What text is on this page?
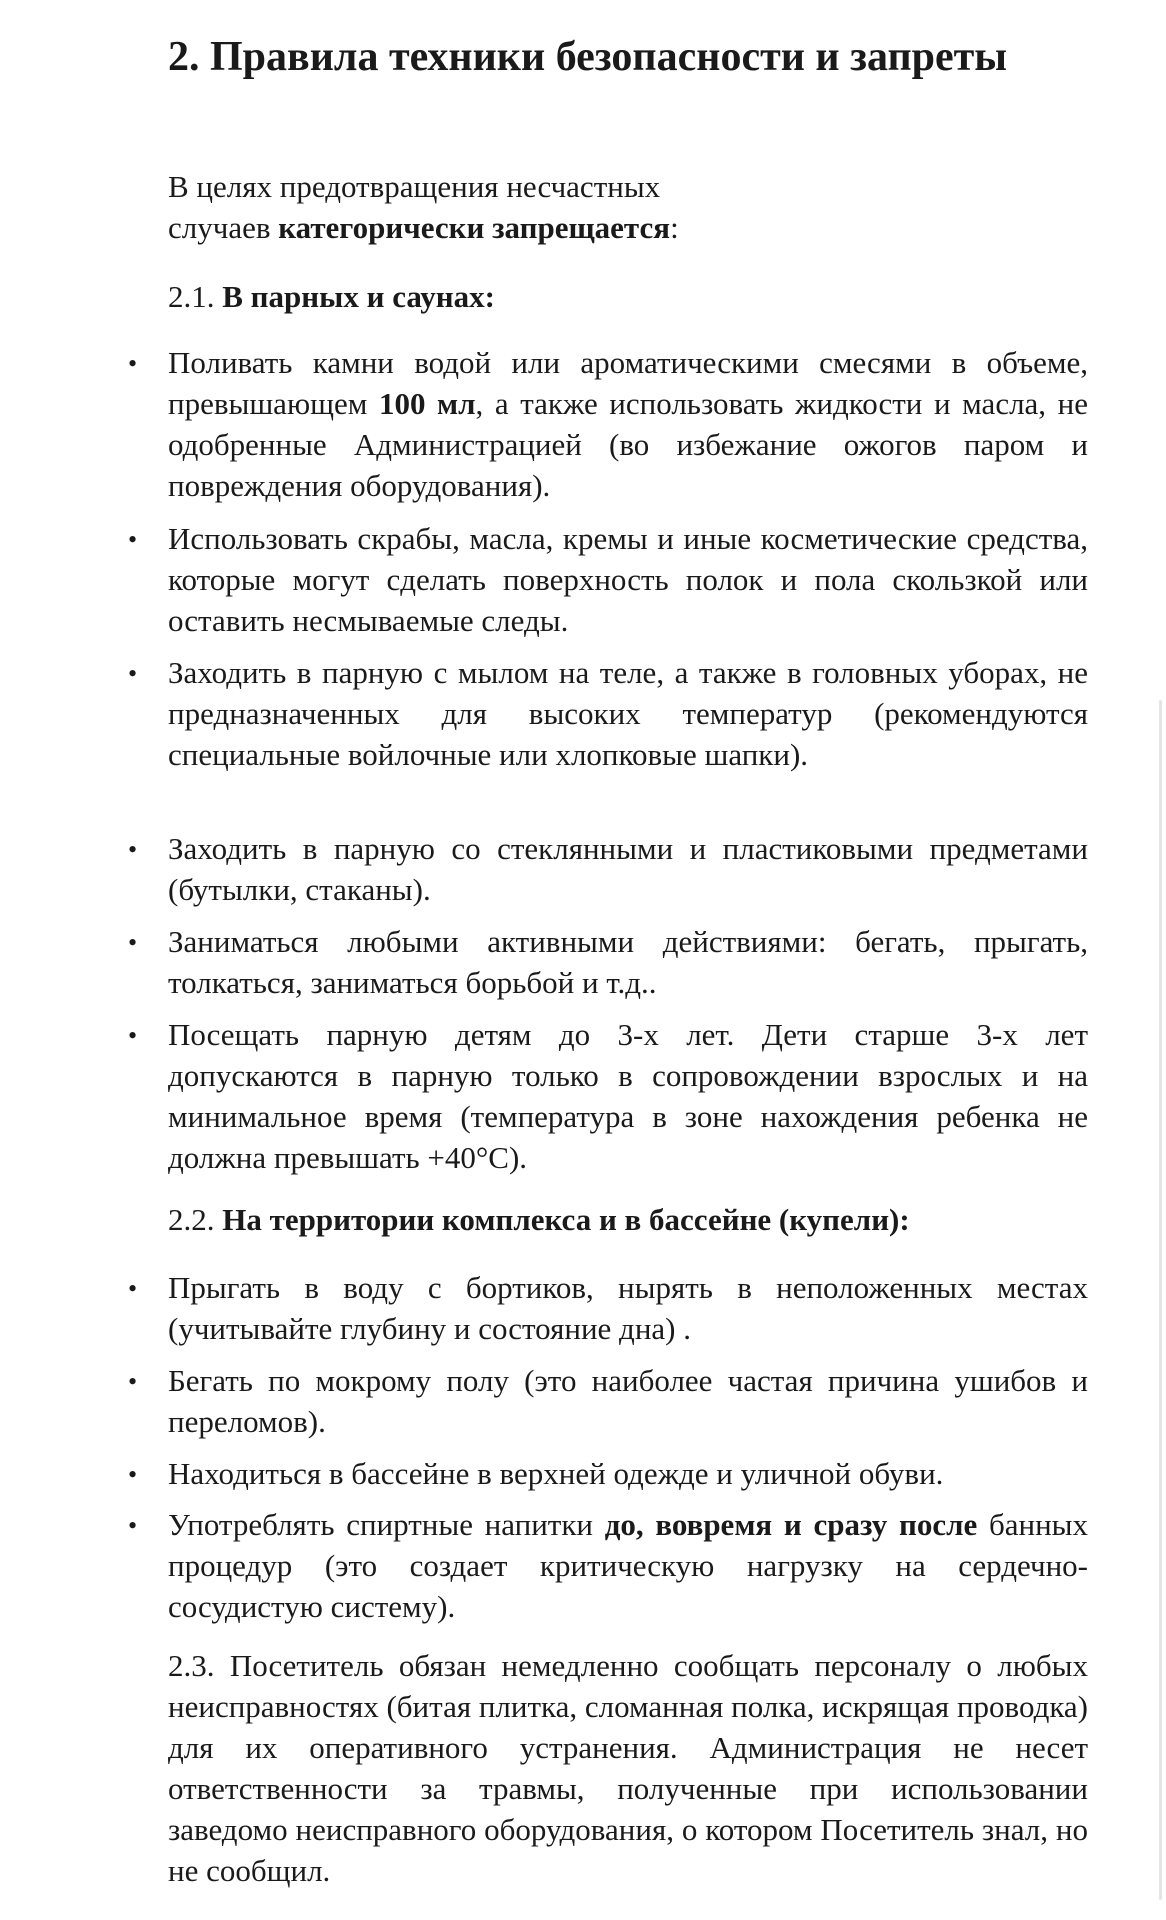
2. Правила техники безопасности и запреты
В целях предотвращения несчастных
случаев категорически запрещается:
2.1. В парных и саунах:
• Поливать камни водой или ароматическими смесями в объеме, превышающем 100 мл, а также использовать жидкости и масла, не одобренные Администрацией (во избежание ожогов паром и повреждения оборудования).
• Использовать скрабы, масла, кремы и иные косметические средства, которые могут сделать поверхность полок и пола скользкой или оставить несмываемые следы.
• Заходить в парную с мылом на теле, а также в головных уборах, не предназначенных для высоких температур (рекомендуются специальные войлочные или хлопковые шапки).
• Заходить в парную со стеклянными и пластиковыми предметами (бутылки, стаканы).
• Заниматься любыми активными действиями: бегать, прыгать, толкаться, заниматься борьбой и т.д..
• Посещать парную детям до 3-х лет. Дети старше 3-х лет допускаются в парную только в сопровождении взрослых и на минимальное время (температура в зоне нахождения ребенка не должна превышать +40°С).
2.2. На территории комплекса и в бассейне (купели):
• Прыгать в воду с бортиков, нырять в неположенных местах (учитывайте глубину и состояние дна) .
• Бегать по мокрому полу (это наиболее частая причина ушибов и переломов).
• Находиться в бассейне в верхней одежде и уличной обуви.
• Употреблять спиртные напитки до, вовремя и сразу после банных процедур (это создает критическую нагрузку на сердечно-сосудистую систему).
2.3. Посетитель обязан немедленно сообщать персоналу о любых неисправностях (битая плитка, сломанная полка, искрящая проводка) для их оперативного устранения. Администрация не несет ответственности за травмы, полученные при использовании заведомо неисправного оборудования, о котором Посетитель знал, но не сообщил.
